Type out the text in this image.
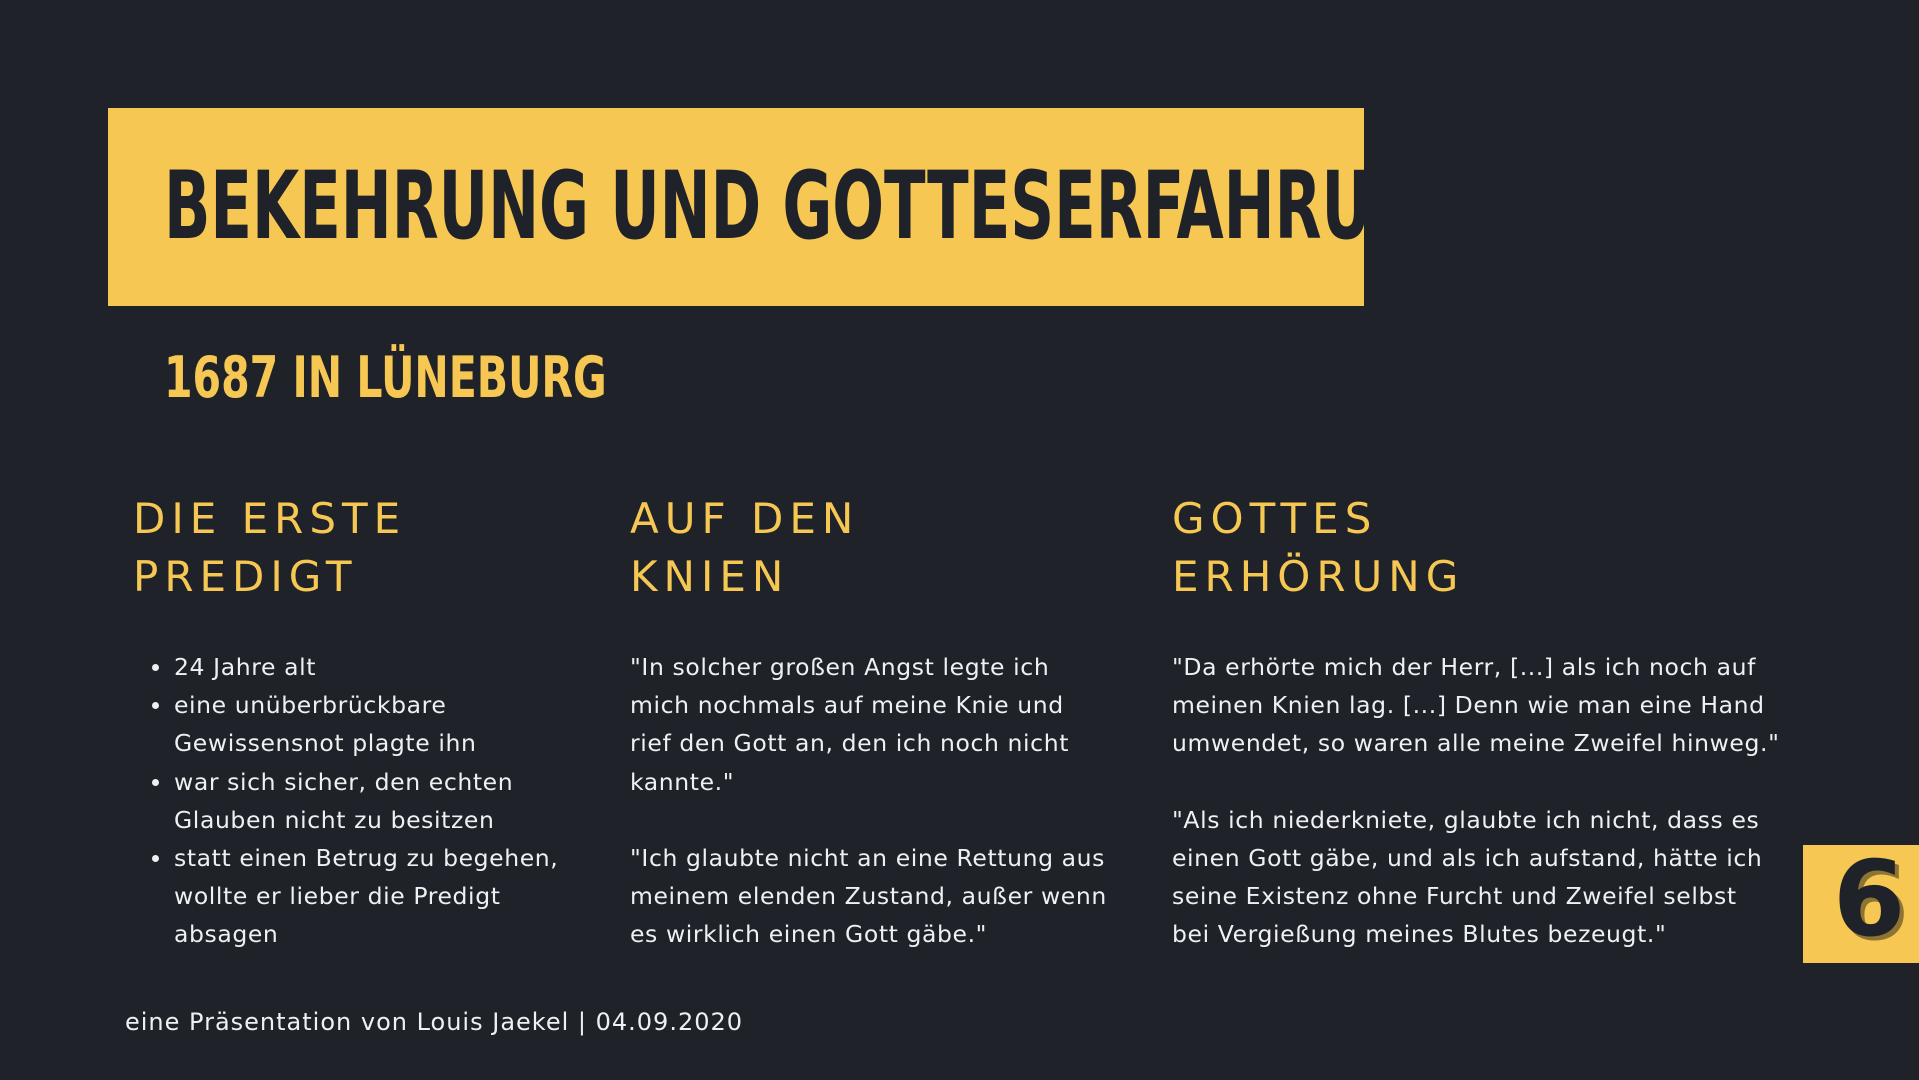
BEKEHRUNG UND GOTTESERFAHRUNG
1687 IN LÜNEBURG
DIE ERSTE
PREDIGT
24 Jahre alt
eine unüberbrückbare
Gewissensnot plagte ihn
war sich sicher, den echten
Glauben nicht zu besitzen
statt einen Betrug zu begehen,
wollte er lieber die Predigt
absagen
AUF DEN
KNIEN

"In solcher großen Angst legte ich
mich nochmals auf meine Knie und
rief den Gott an, den ich noch nicht
kannte."

"Ich glaubte nicht an eine Rettung aus
meinem elenden Zustand, außer wenn
es wirklich einen Gott gäbe."

GOTTES
ERHÖRUNG

"Da erhörte mich der Herr, [...] als ich noch auf
meinen Knien lag. [...] Denn wie man eine Hand
umwendet, so waren alle meine Zweifel hinweg."

"Als ich niederkniete, glaubte ich nicht, dass es
einen Gott gäbe, und als ich aufstand, hätte ich
seine Existenz ohne Furcht und Zweifel selbst
bei Vergießung meines Blutes bezeugt."	6
eine Präsentation von Louis Jaekel | 04.09.2020
